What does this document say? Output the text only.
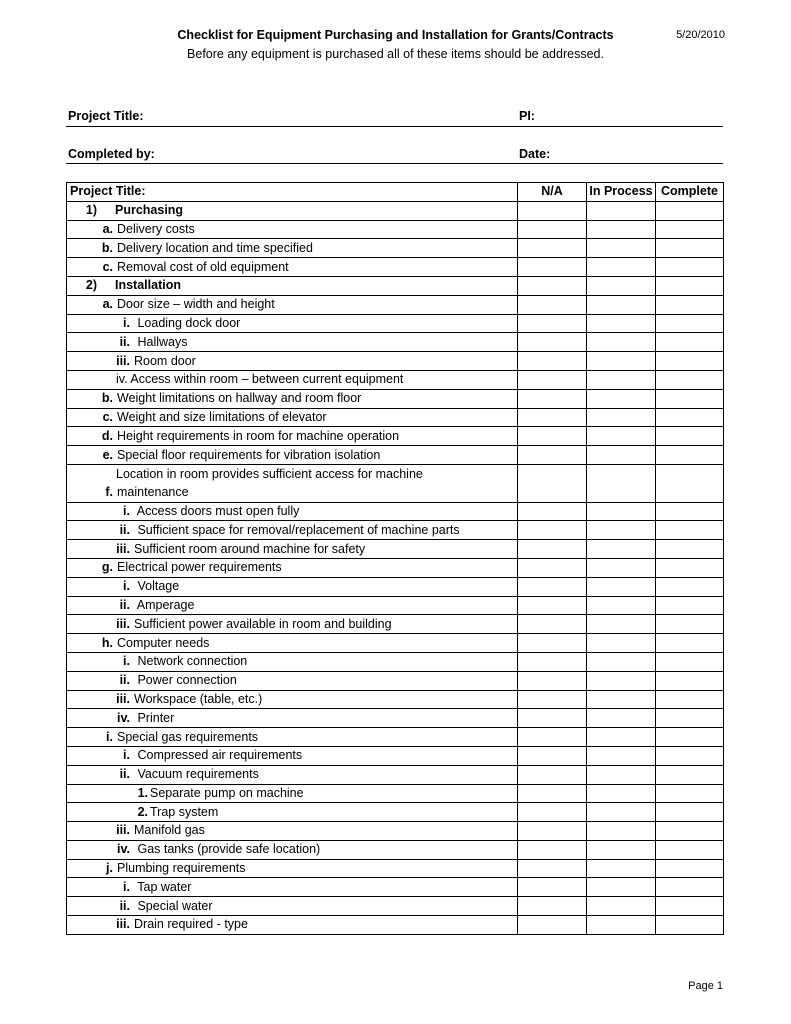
Checklist for Equipment Purchasing and Installation for Grants/Contracts
Before any equipment is purchased all of these items should be addressed.
5/20/2010
Project Title:	PI:
Completed by:	Date:
Project Title:	N/A	In Process	Complete
1) Purchasing			
a. Delivery costs			
b. Delivery location and time specified			
c. Removal cost of old equipment			
2) Installation			
a. Door size – width and height			
i. Loading dock door			
ii. Hallways			
iii. Room door			
iv. Access within room – between current equipment			
b. Weight limitations on hallway and room floor			
c. Weight and size limitations of elevator			
d. Height requirements in room for machine operation			
e. Special floor requirements for vibration isolation			

Location in room provides sufficient access for machine
f. maintenance			

i. Access doors must open fully			
ii. Sufficient space for removal/replacement of machine parts			
iii. Sufficient room around machine for safety			
g. Electrical power requirements			
i. Voltage			
ii. Amperage			
iii. Sufficient power available in room and building			
h. Computer needs			
i. Network connection			
ii. Power connection			
iii. Workspace (table, etc.)			
iv. Printer			
i. Special gas requirements			
i. Compressed air requirements			
ii. Vacuum requirements			
1. Separate pump on machine			
2. Trap system			
iii. Manifold gas			
iv. Gas tanks (provide safe location)			
j. Plumbing requirements			
i. Tap water			
ii. Special water			
iii. Drain required - type			
Page 1
